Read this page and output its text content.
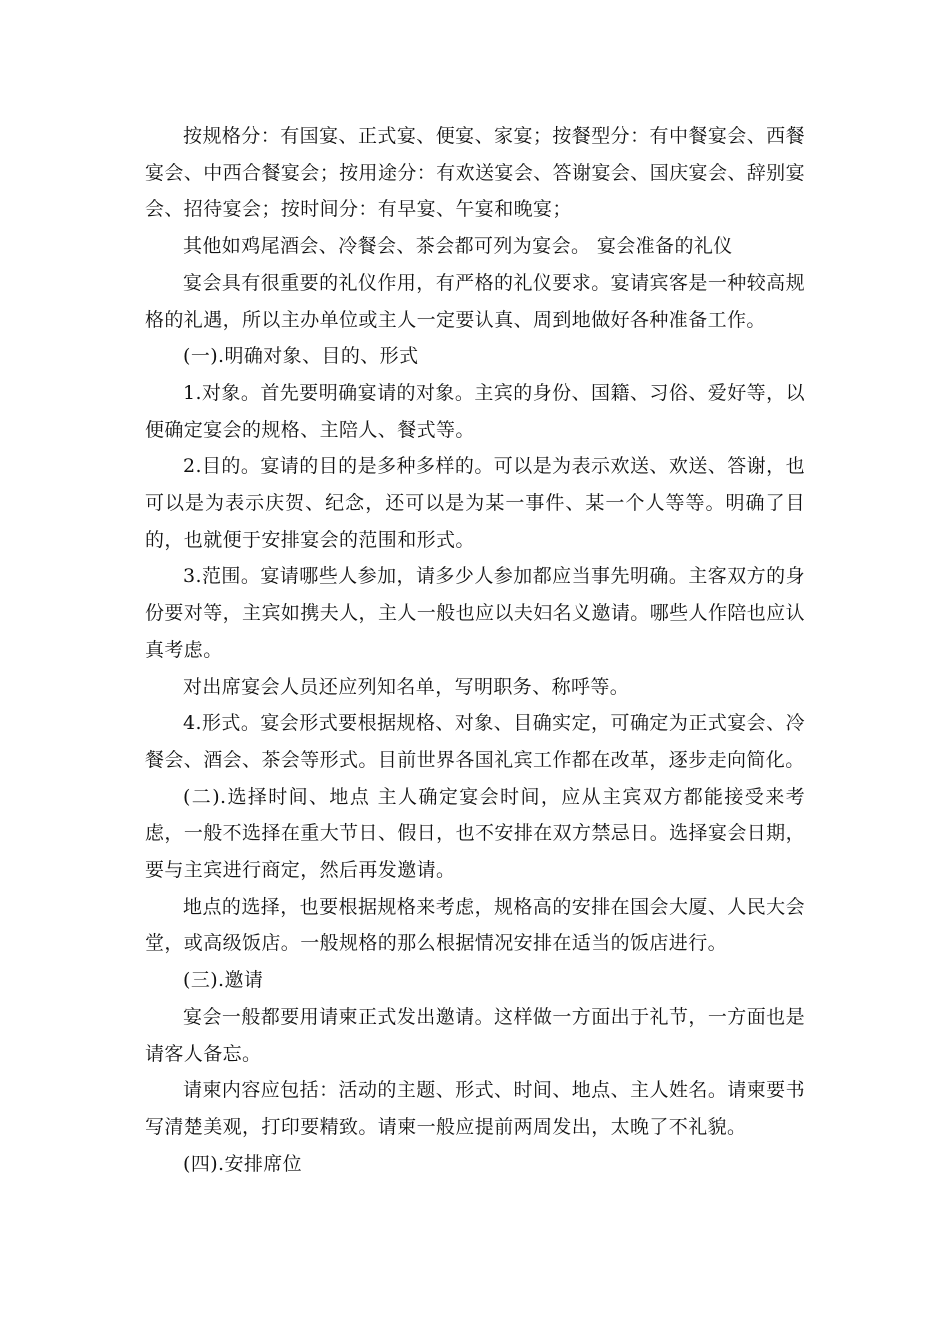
按规格分：有国宴、正式宴、便宴、家宴；按餐型分：有中餐宴会、西餐宴会、中西合餐宴会；按用途分：有欢送宴会、答谢宴会、国庆宴会、辞别宴会、招待宴会；按时间分：有早宴、午宴和晚宴；

其他如鸡尾酒会、冷餐会、茶会都可列为宴会。 宴会准备的礼仪

宴会具有很重要的礼仪作用，有严格的礼仪要求。宴请宾客是一种较高规格的礼遇，所以主办单位或主人一定要认真、周到地做好各种准备工作。

(一).明确对象、目的、形式

1.对象。首先要明确宴请的对象。主宾的身份、国籍、习俗、爱好等，以便确定宴会的规格、主陪人、餐式等。

2.目的。宴请的目的是多种多样的。可以是为表示欢送、欢送、答谢，也可以是为表示庆贺、纪念，还可以是为某一事件、某一个人等等。明确了目的，也就便于安排宴会的范围和形式。

3.范围。宴请哪些人参加，请多少人参加都应当事先明确。主客双方的身份要对等，主宾如携夫人，主人一般也应以夫妇名义邀请。哪些人作陪也应认真考虑。

对出席宴会人员还应列知名单，写明职务、称呼等。

4.形式。宴会形式要根据规格、对象、目确实定，可确定为正式宴会、冷餐会、酒会、茶会等形式。目前世界各国礼宾工作都在改革，逐步走向简化。

(二).选择时间、地点 主人确定宴会时间，应从主宾双方都能接受来考虑，一般不选择在重大节日、假日，也不安排在双方禁忌日。选择宴会日期，要与主宾进行商定，然后再发邀请。

地点的选择，也要根据规格来考虑，规格高的安排在国会大厦、人民大会堂，或高级饭店。一般规格的那么根据情况安排在适当的饭店进行。

(三).邀请

宴会一般都要用请柬正式发出邀请。这样做一方面出于礼节，一方面也是请客人备忘。

请柬内容应包括：活动的主题、形式、时间、地点、主人姓名。请柬要书写清楚美观，打印要精致。请柬一般应提前两周发出，太晚了不礼貌。

(四).安排席位
